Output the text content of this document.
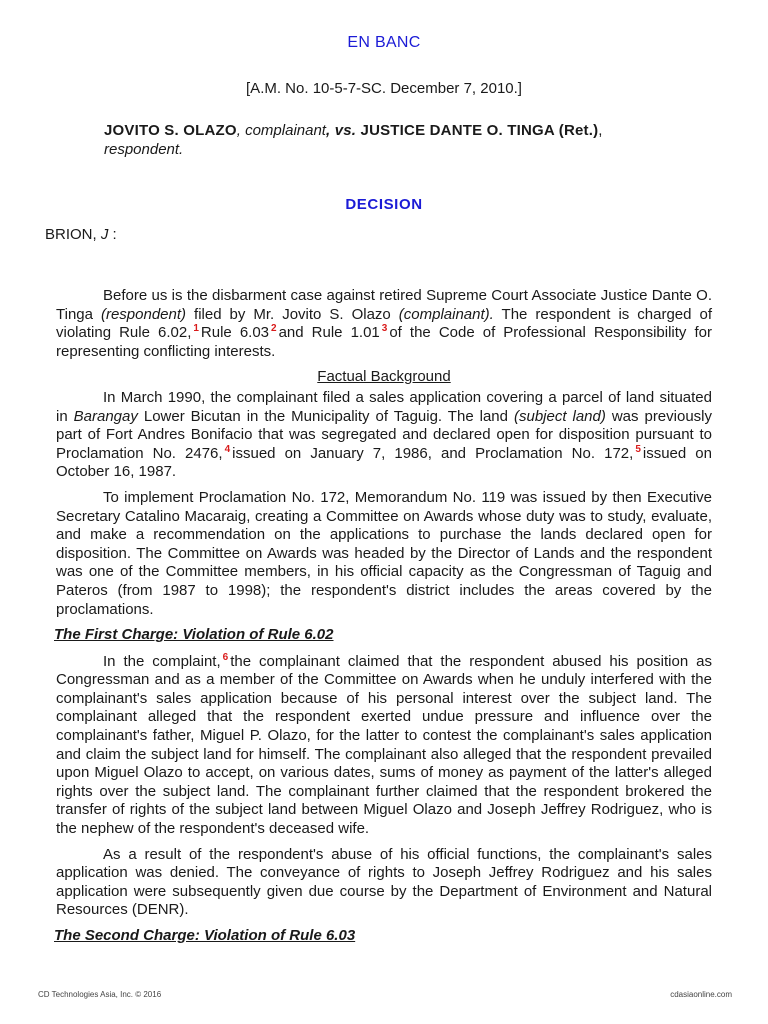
EN BANC
[A.M. No. 10-5-7-SC. December 7, 2010.]
JOVITO S. OLAZO, complainant, vs. JUSTICE DANTE O. TINGA (Ret.),
respondent.
DECISION
BRION, J :

Before us is the disbarment case against retired Supreme Court Associate Justice Dante O. Tinga (respondent) filed by Mr. Jovito S. Olazo (complainant). The respondent is charged of violating Rule 6.02, $^1$ Rule 6.03 $^2$ and Rule 1.01 $^3$ of the Code of Professional Responsibility for representing conflicting interests.

Factual Background

In March 1990, the complainant filed a sales application covering a parcel of land situated in Barangay Lower Bicutan in the Municipality of Taguig. The land (subject land) was previously part of Fort Andres Bonifacio that was segregated and declared open for disposition pursuant to Proclamation No. 2476, $^4$ issued on January 7, 1986, and Proclamation No. 172, $^5$ issued on October 16, 1987.

To implement Proclamation No. 172, Memorandum No. 119 was issued by then Executive Secretary Catalino Macaraig, creating a Committee on Awards whose duty was to study, evaluate, and make a recommendation on the applications to purchase the lands declared open for disposition. The Committee on Awards was headed by the Director of Lands and the respondent was one of the Committee members, in his official capacity as the Congressman of Taguig and Pateros (from 1987 to 1998); the respondent's district includes the areas covered by the proclamations.

The First Charge: Violation of Rule 6.02

In the complaint, $^6$ the complainant claimed that the respondent abused his position as Congressman and as a member of the Committee on Awards when he unduly interfered with the complainant's sales application because of his personal interest over the subject land. The complainant alleged that the respondent exerted undue pressure and influence over the complainant's father, Miguel P. Olazo, for the latter to contest the complainant's sales application and claim the subject land for himself. The complainant also alleged that the respondent prevailed upon Miguel Olazo to accept, on various dates, sums of money as payment of the latter's alleged rights over the subject land. The complainant further claimed that the respondent brokered the transfer of rights of the subject land between Miguel Olazo and Joseph Jeffrey Rodriguez, who is the nephew of the respondent's deceased wife.

As a result of the respondent's abuse of his official functions, the complainant's sales application was denied. The conveyance of rights to Joseph Jeffrey Rodriguez and his sales application were subsequently given due course by the Department of Environment and Natural Resources (DENR).

The Second Charge: Violation of Rule 6.03
CD Technologies Asia, Inc. © 2016	cdasiaonline.com
